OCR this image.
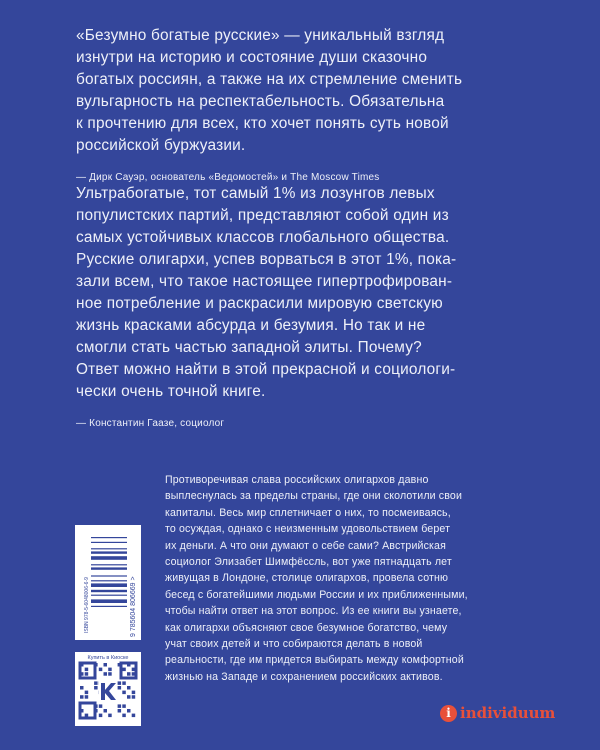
«Безумно богатые русские» — уникальный взгляд
изнутри на историю и состояние души сказочно
богатых россиян, а также на их стремление сменить
вульгарность на респектабельность. Обязательна
к прочтению для всех, кто хочет понять суть новой
российской буржуазии.
— Дирк Сауэр, основатель «Ведомостей» и The Moscow Times
Ультрабогатые, тот самый 1% из лозунгов левых
популистских партий, представляют собой один из
самых устойчивых классов глобального общества.
Русские олигархи, успев ворваться в этот 1%, пока-
зали всем, что такое настоящее гипертрофирован-
ное потребление и раскрасили мировую светскую
жизнь красками абсурда и безумия. Но так и не
смогли стать частью западной элиты. Почему?
Ответ можно найти в этой прекрасной и социологи-
чески очень точной книге.
— Константин Гаазе, социолог
Противоречивая слава российских олигархов давно
выплеснулась за пределы страны, где они сколотили свои
капиталы. Весь мир сплетничает о них, то посмеиваясь,
то осуждая, однако с неизменным удовольствием берет
их деньги. А что они думают о себе сами? Австрийская
социолог Элизабет Шимфёссль, вот уже пятнадцать лет
живущая в Лондоне, столице олигархов, провела сотню
бесед с богатейшими людьми России и их приближенными,
чтобы найти ответ на этот вопрос. Из ее книги вы узнаете,
как олигархи объясняют свое безумное богатство, чему
учат своих детей и что собираются делать в новой
реальности, где им придется выбирать между комфортной
жизнью на Западе и сохранением российских активов.
ISBN 978-5-6048006-6-9	9 785604 806669 >
Купить в Киоске
i individuum
